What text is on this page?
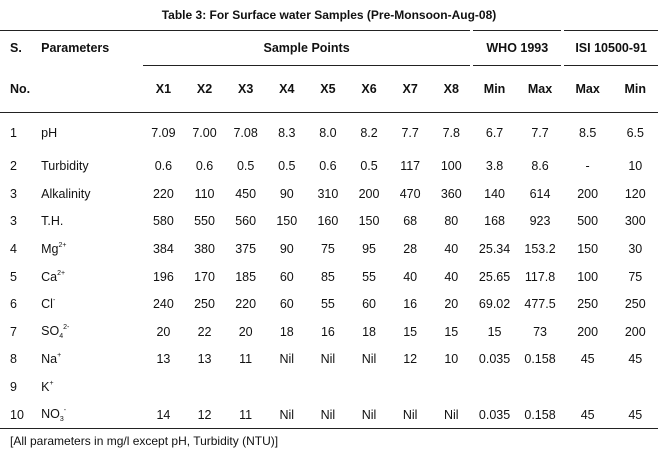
Table 3: For Surface water Samples (Pre-Monsoon-Aug-08)
S.	Parameters	Sample Points								WHO 1993		ISI 10500-91	
No.		X1	X2	X3	X4	X5	X6	X7	X8	Min	Max	Max	Min
1	pH	7.09	7.00	7.08	8.3	8.0	8.2	7.7	7.8	6.7	7.7	8.5	6.5
2	Turbidity	0.6	0.6	0.5	0.5	0.6	0.5	117	100	3.8	8.6	-	10
3	Alkalinity	220	110	450	90	310	200	470	360	140	614	200	120
3	T.H.	580	550	560	150	160	150	68	80	168	923	500	300
4	$Mg^{2+}$	384	380	375	90	75	95	28	40	25.34	153.2	150	30
5	$Ca^{2+}$	196	170	185	60	85	55	40	40	25.65	117.8	100	75
6	Cl-	240	250	220	60	55	60	16	20	69.02	477.5	250	250
7	$SO_4^{2-}$	20	22	20	18	16	18	15	15	15	73	200	200
8	Na+	13	13	11	Nil	Nil	Nil	12	10	0.035	0.158	45	45
9	K+												
10	$NO_3^-$	14	12	11	Nil	Nil	Nil	Nil	Nil	0.035	0.158	45	45
[All parameters in mg/l except pH, Turbidity (NTU)]
